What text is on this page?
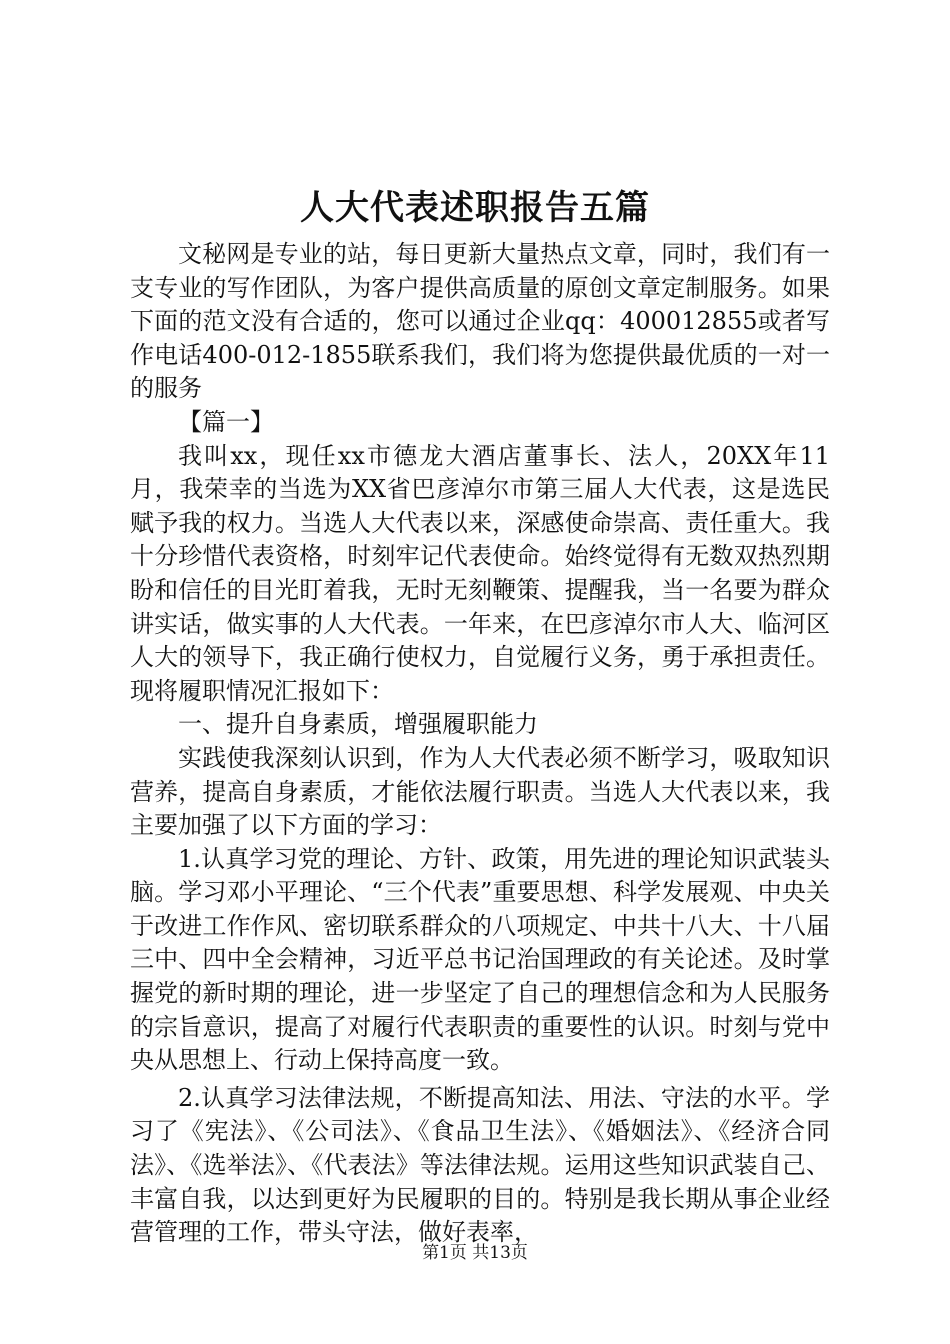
人大代表述职报告五篇

文秘网是专业的站，每日更新大量热点文章，同时，我们有一支专业的写作团队，为客户提供高质量的原创文章定制服务。如果下面的范文没有合适的，您可以通过企业qq：400012855或者写作电话400-012-1855联系我们，我们将为您提供最优质的一对一的服务

【篇一】

我叫xx，现任xx市德龙大酒店董事长、法人，20XX年11月，我荣幸的当选为XX省巴彦淖尔市第三届人大代表，这是选民赋予我的权力。当选人大代表以来，深感使命崇高、责任重大。我十分珍惜代表资格，时刻牢记代表使命。始终觉得有无数双热烈期盼和信任的目光盯着我，无时无刻鞭策、提醒我，当一名要为群众讲实话，做实事的人大代表。一年来，在巴彦淖尔市人大、临河区人大的领导下，我正确行使权力，自觉履行义务，勇于承担责任。现将履职情况汇报如下：

一、提升自身素质，增强履职能力

实践使我深刻认识到，作为人大代表必须不断学习，吸取知识营养，提高自身素质，才能依法履行职责。当选人大代表以来，我主要加强了以下方面的学习：

1.认真学习党的理论、方针、政策，用先进的理论知识武装头脑。学习邓小平理论、“三个代表”重要思想、科学发展观、中央关于改进工作作风、密切联系群众的八项规定、中共十八大、十八届三中、四中全会精神，习近平总书记治国理政的有关论述。及时掌握党的新时期的理论，进一步坚定了自己的理想信念和为人民服务的宗旨意识，提高了对履行代表职责的重要性的认识。时刻与党中央从思想上、行动上保持高度一致。

2.认真学习法律法规，不断提高知法、用法、守法的水平。学习了《宪法》、《公司法》、《食品卫生法》、《婚姻法》、《经济合同法》、《选举法》、《代表法》等法律法规。运用这些知识武装自己、丰富自我，以达到更好为民履职的目的。特别是我长期从事企业经营管理的工作，带头守法，做好表率，

第1页 共13页
